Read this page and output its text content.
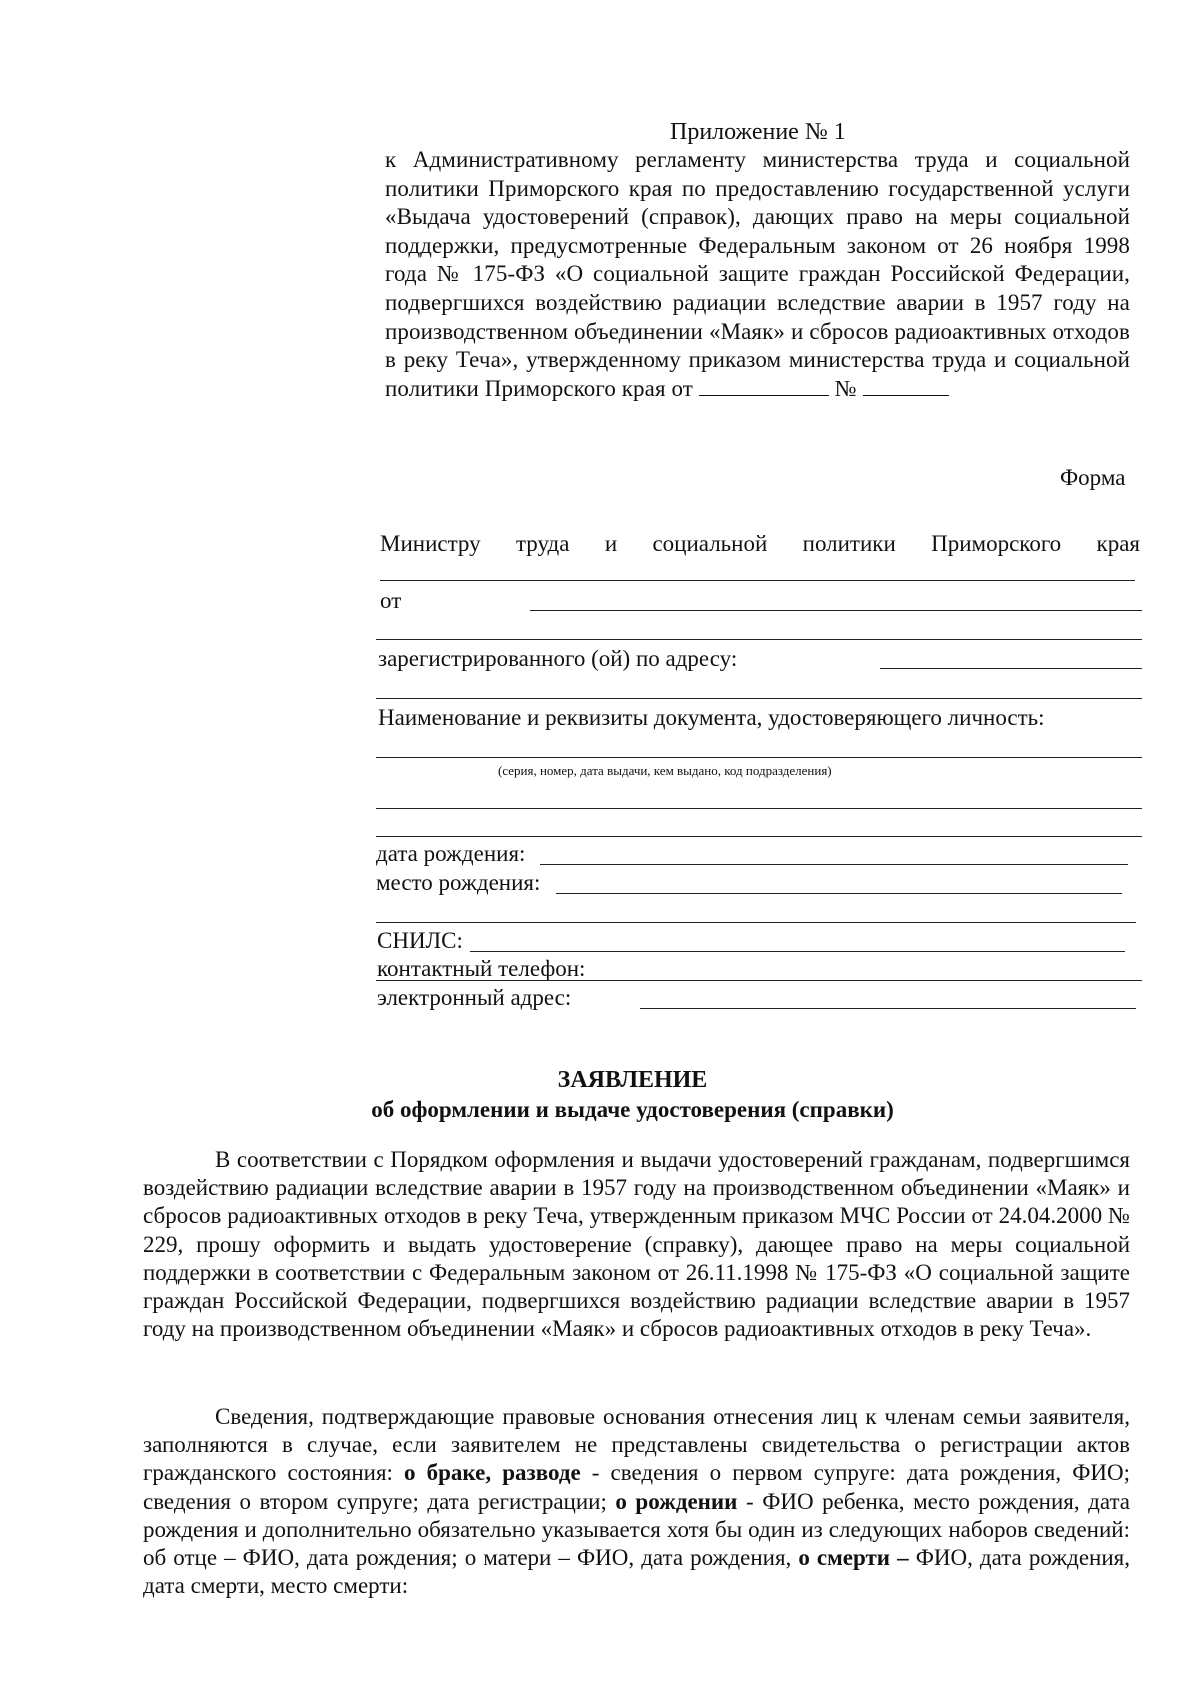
Приложение № 1
к Административному регламенту министерства труда и социальной политики Приморского края по предоставлению государственной услуги «Выдача удостоверений (справок), дающих право на меры социальной поддержки, предусмотренные Федеральным законом от 26 ноября 1998 года № 175-ФЗ «О социальной защите граждан Российской Федерации, подвергшихся воздействию радиации вследствие аварии в 1957 году на производственном объединении «Маяк» и сбросов радиоактивных отходов в реку Теча», утвержденному приказом министерства труда и социальной политики Приморского края от	№
Форма
Министру труда и социальной политики Приморского края
от
зарегистрированного (ой) по адресу:
Наименование и реквизиты документа, удостоверяющего личность:
(серия, номер, дата выдачи, кем выдано, код подразделения)
дата рождения:
место рождения:
СНИЛС:
контактный телефон:
электронный адрес:
ЗАЯВЛЕНИЕ
об оформлении и выдаче удостоверения (справки)
В соответствии с Порядком оформления и выдачи удостоверений гражданам, подвергшимся воздействию радиации вследствие аварии в 1957 году на производственном объединении «Маяк» и сбросов радиоактивных отходов в реку Теча, утвержденным приказом МЧС России от 24.04.2000 № 229, прошу оформить и выдать удостоверение (справку), дающее право на меры социальной поддержки в соответствии с Федеральным законом от 26.11.1998 № 175-ФЗ «О социальной защите граждан Российской Федерации, подвергшихся воздействию радиации вследствие аварии в 1957 году на производственном объединении «Маяк» и сбросов радиоактивных отходов в реку Теча».
Сведения, подтверждающие правовые основания отнесения лиц к членам семьи заявителя, заполняются в случае, если заявителем не представлены свидетельства о регистрации актов гражданского состояния: о браке, разводе - сведения о первом супруге: дата рождения, ФИО; сведения о втором супруге; дата регистрации; о рождении - ФИО ребенка, место рождения, дата рождения и дополнительно обязательно указывается хотя бы один из следующих наборов сведений: об отце – ФИО, дата рождения; о матери – ФИО, дата рождения, о смерти – ФИО, дата рождения, дата смерти, место смерти:
